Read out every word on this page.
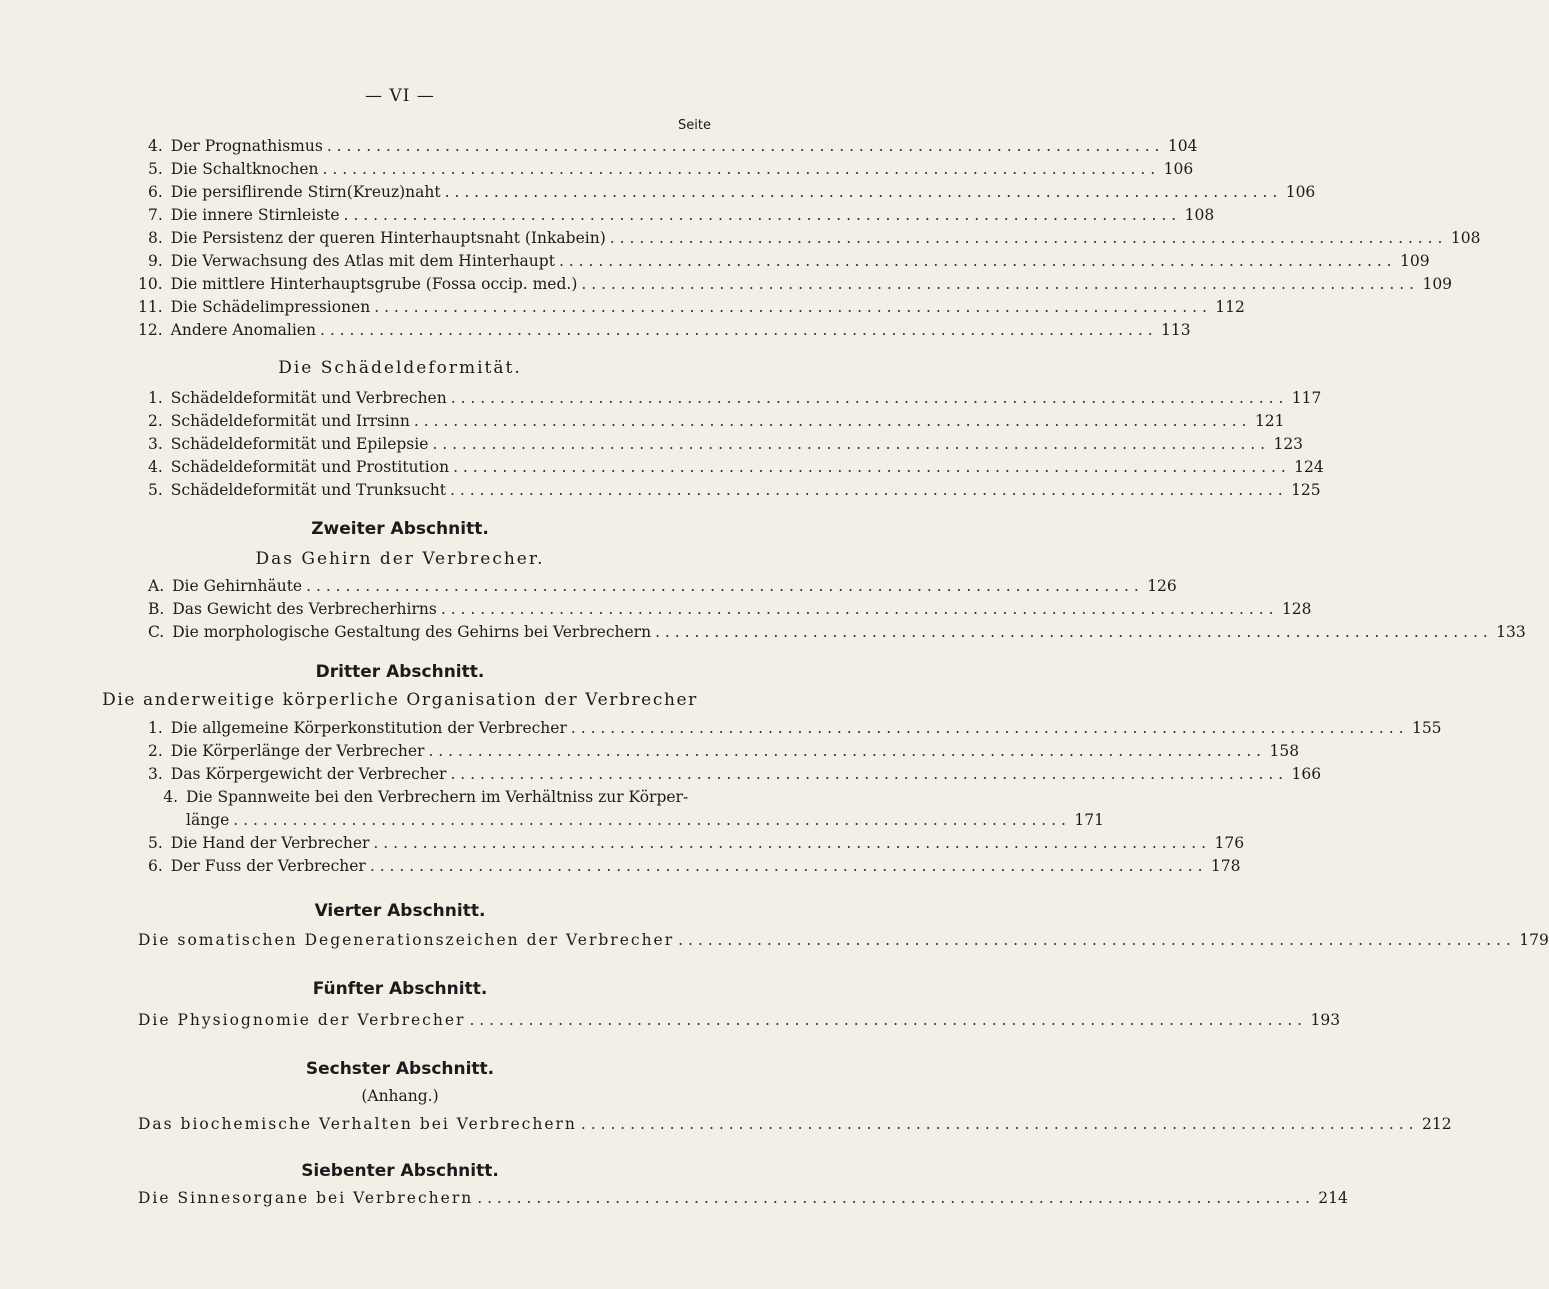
— VI —
Seite
4. Der Prognathismus . . .	104
5. Die Schaltknochen . . .	106
6. Die persiflirende Stirn(Kreuz)naht . . .	106
7. Die innere Stirnleiste . . .	108
8. Die Persistenz der queren Hinterhauptsnaht (Inkabein) . . .	108
9. Die Verwachsung des Atlas mit dem Hinterhaupt . . .	109
10. Die mittlere Hinterhauptsgrube (Fossa occip. med.) . . .	109
11. Die Schädelimpressionen . . .	112
12. Andere Anomalien . . .	113
Die Schädeldeformität.
1. Schädeldeformität und Verbrechen . . .	117
2. Schädeldeformität und Irrsinn . . .	121
3. Schädeldeformität und Epilepsie . . .	123
4. Schädeldeformität und Prostitution . . .	124
5. Schädeldeformität und Trunksucht . . .	125
Zweiter Abschnitt.
Das Gehirn der Verbrecher.
A. Die Gehirnhäute . . .	126
B. Das Gewicht des Verbrecherhirns . . .	128
C. Die morphologische Gestaltung des Gehirns bei Verbrechern . . .	133
Dritter Abschnitt.
Die anderweitige körperliche Organisation der Verbrecher
1. Die allgemeine Körperkonstitution der Verbrecher . . .	155
2. Die Körperlänge der Verbrecher . . .	158
3. Das Körpergewicht der Verbrecher . . .	166
4. Die Spannweite bei den Verbrechern im Verhältniss zur Körper-
länge . . .	171
5. Die Hand der Verbrecher . . .	176
6. Der Fuss der Verbrecher . . .	178
Vierter Abschnitt.
Die somatischen Degenerationszeichen der Verbrecher . . .	179
Fünfter Abschnitt.
Die Physiognomie der Verbrecher . . .	193
Sechster Abschnitt.
(Anhang.)
Das biochemische Verhalten bei Verbrechern . . .	212
Siebenter Abschnitt.
Die Sinnesorgane bei Verbrechern . . .	214
